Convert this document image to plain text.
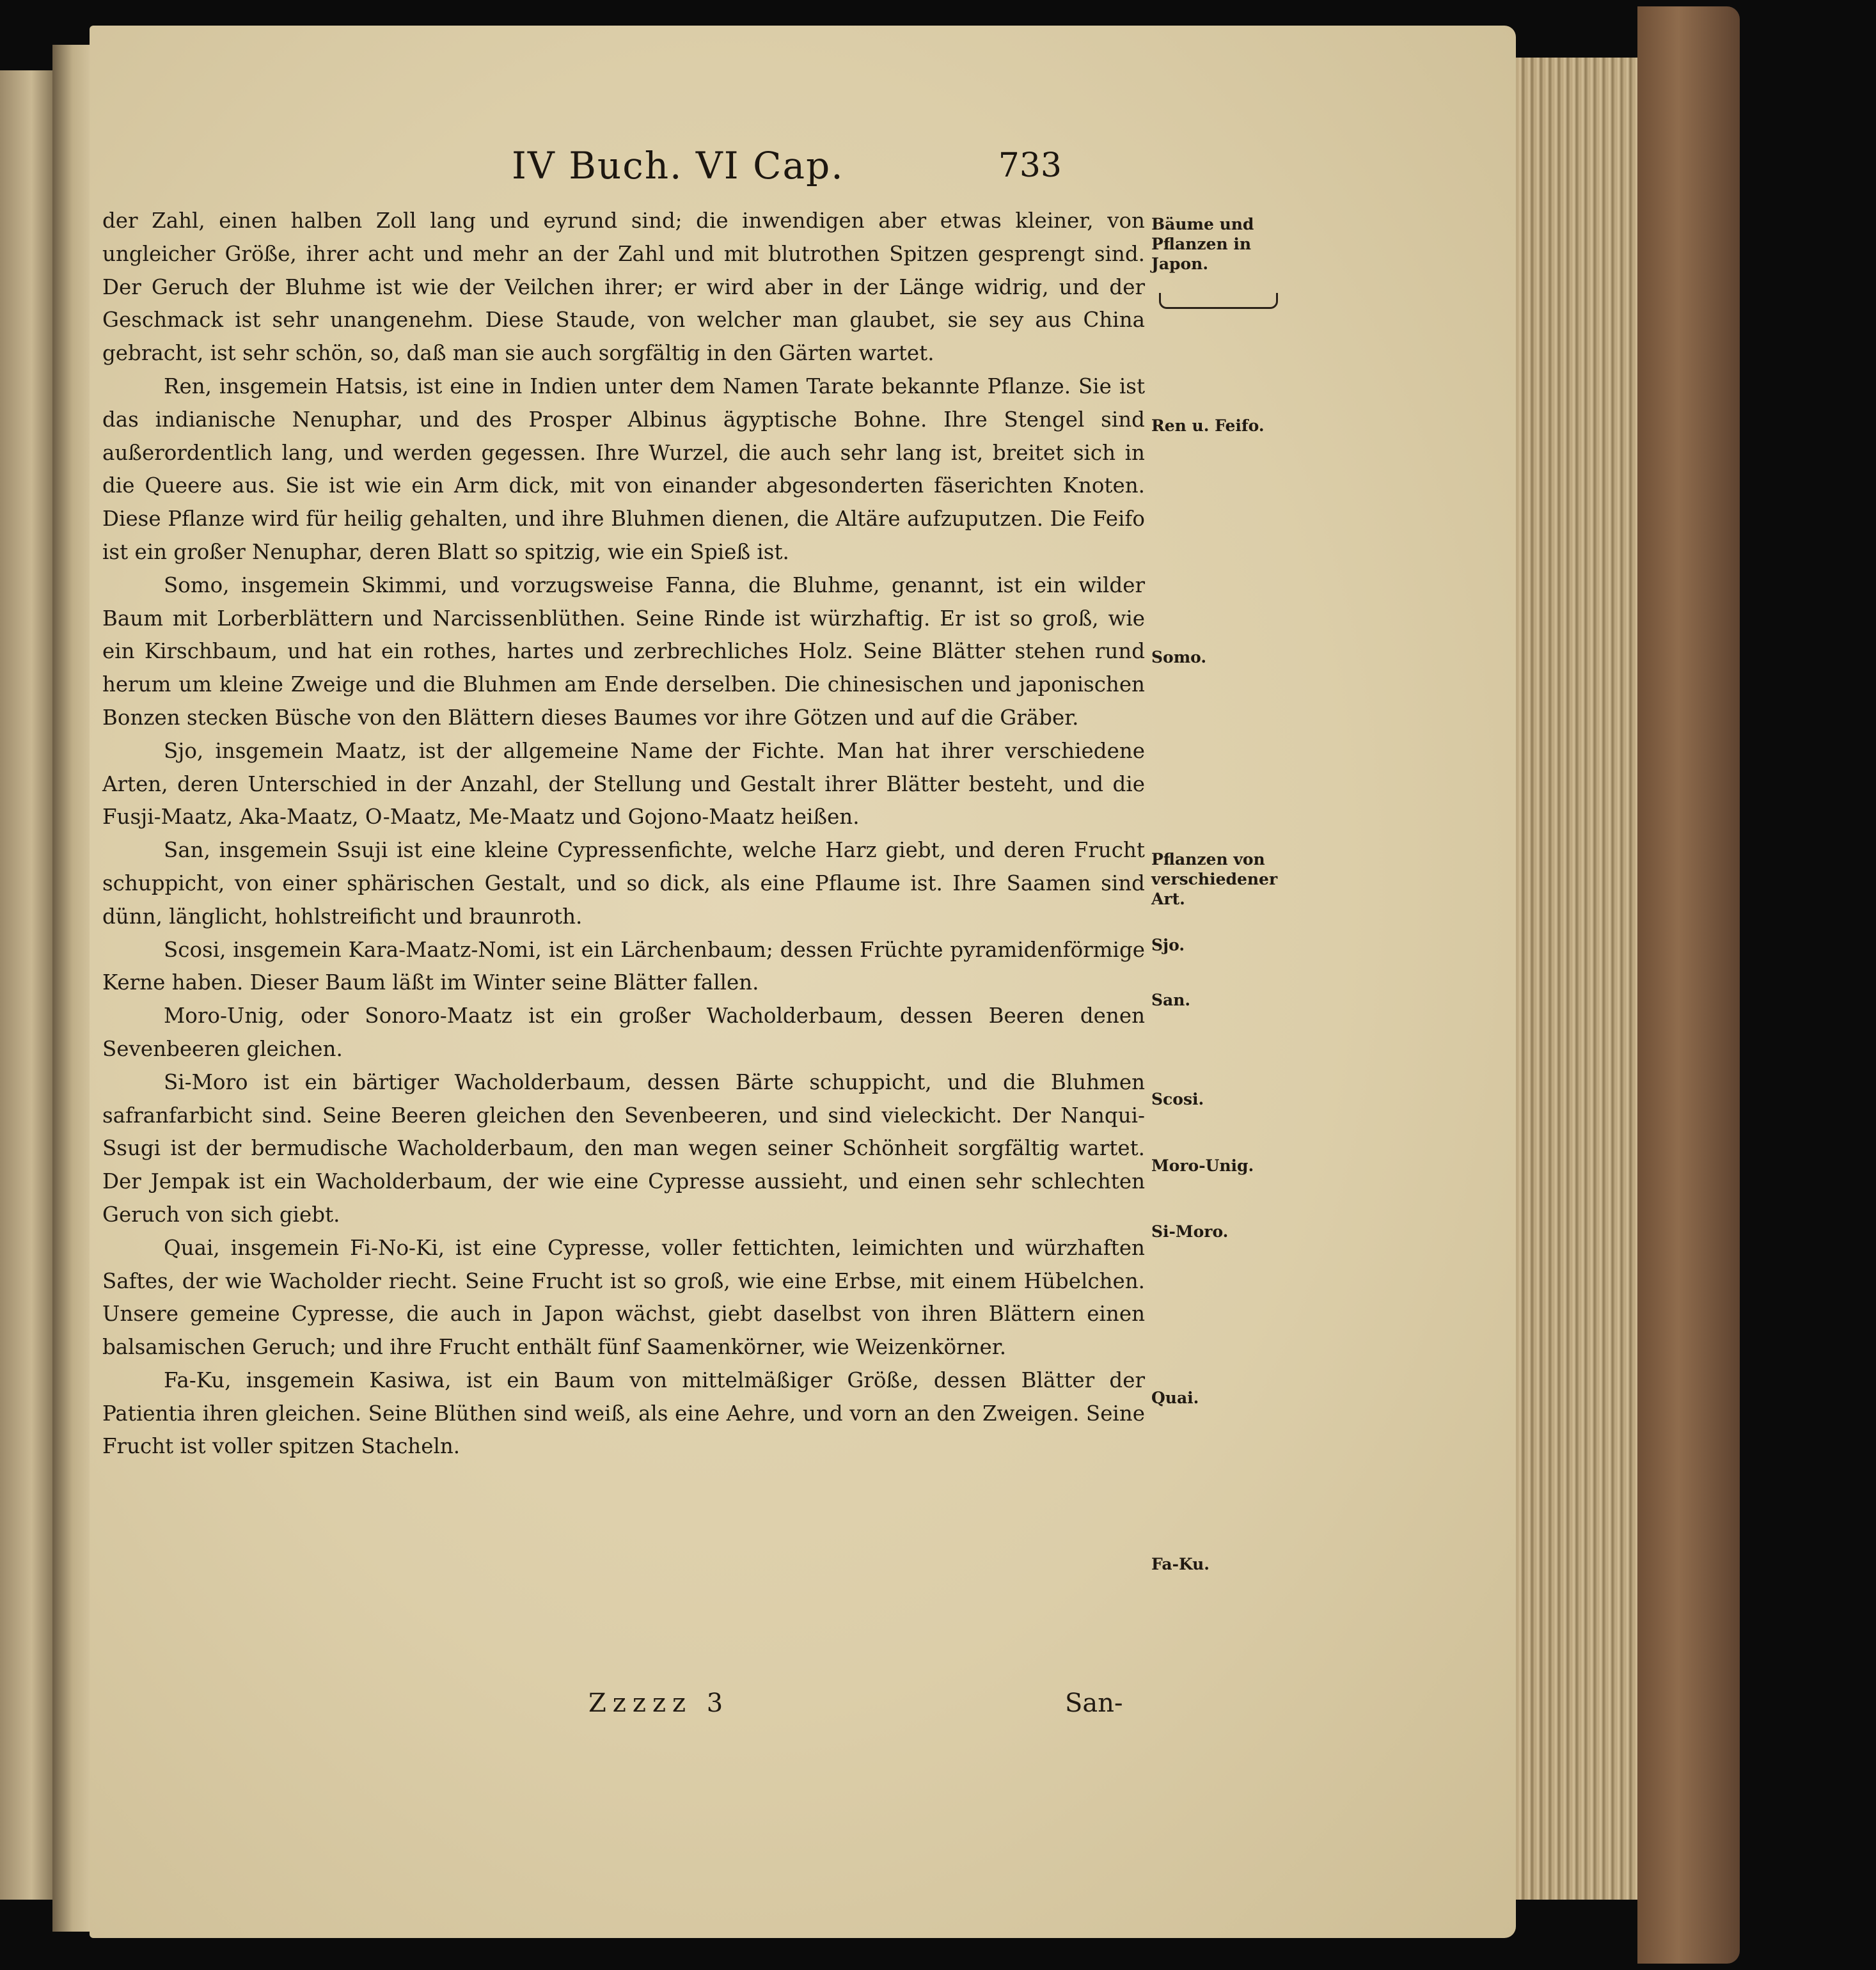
IV Buch. VI Cap.	733

der Zahl, einen halben Zoll lang und eyrund sind; die inwendigen aber etwas kleiner, von ungleicher Größe, ihrer acht und mehr an der Zahl und mit blutrothen Spitzen gesprengt sind. Der Geruch der Bluhme ist wie der Veilchen ihrer; er wird aber in der Länge widrig, und der Geschmack ist sehr unangenehm. Diese Staude, von welcher man glaubet, sie sey aus China gebracht, ist sehr schön, so, daß man sie auch sorgfältig in den Gärten wartet.

Ren, insgemein Hatsis, ist eine in Indien unter dem Namen Tarate bekannte Pflanze. Sie ist das indianische Nenuphar, und des Prosper Albinus ägyptische Bohne. Ihre Stengel sind außerordentlich lang, und werden gegessen. Ihre Wurzel, die auch sehr lang ist, breitet sich in die Queere aus. Sie ist wie ein Arm dick, mit von einander abgesonderten fäserichten Knoten. Diese Pflanze wird für heilig gehalten, und ihre Bluhmen dienen, die Altäre aufzuputzen. Die Feifo ist ein großer Nenuphar, deren Blatt so spitzig, wie ein Spieß ist.

Somo, insgemein Skimmi, und vorzugsweise Fanna, die Bluhme, genannt, ist ein wilder Baum mit Lorberblättern und Narcissenblüthen. Seine Rinde ist würzhaftig. Er ist so groß, wie ein Kirschbaum, und hat ein rothes, hartes und zerbrechliches Holz. Seine Blätter stehen rund herum um kleine Zweige und die Bluhmen am Ende derselben. Die chinesischen und japonischen Bonzen stecken Büsche von den Blättern dieses Baumes vor ihre Götzen und auf die Gräber.

Sjo, insgemein Maatz, ist der allgemeine Name der Fichte. Man hat ihrer verschiedene Arten, deren Unterschied in der Anzahl, der Stellung und Gestalt ihrer Blätter besteht, und die Fusji-Maatz, Aka-Maatz, O-Maatz, Me-Maatz und Gojono-Maatz heißen.

San, insgemein Ssuji ist eine kleine Cypressenfichte, welche Harz giebt, und deren Frucht schuppicht, von einer sphärischen Gestalt, und so dick, als eine Pflaume ist. Ihre Saamen sind dünn, länglicht, hohlstreificht und braunroth.

Scosi, insgemein Kara-Maatz-Nomi, ist ein Lärchenbaum; dessen Früchte pyramidenförmige Kerne haben. Dieser Baum läßt im Winter seine Blätter fallen.

Moro-Unig, oder Sonoro-Maatz ist ein großer Wacholderbaum, dessen Beeren denen Sevenbeeren gleichen.

Si-Moro ist ein bärtiger Wacholderbaum, dessen Bärte schuppicht, und die Bluhmen safranfarbicht sind. Seine Beeren gleichen den Sevenbeeren, und sind vieleckicht. Der Nanqui-Ssugi ist der bermudische Wacholderbaum, den man wegen seiner Schönheit sorgfältig wartet. Der Jempak ist ein Wacholderbaum, der wie eine Cypresse aussieht, und einen sehr schlechten Geruch von sich giebt.

Quai, insgemein Fi-No-Ki, ist eine Cypresse, voller fettichten, leimichten und würzhaften Saftes, der wie Wacholder riecht. Seine Frucht ist so groß, wie eine Erbse, mit einem Hübelchen. Unsere gemeine Cypresse, die auch in Japon wächst, giebt daselbst von ihren Blättern einen balsamischen Geruch; und ihre Frucht enthält fünf Saamenkörner, wie Weizenkörner.

Fa-Ku, insgemein Kasiwa, ist ein Baum von mittelmäßiger Größe, dessen Blätter der Patientia ihren gleichen. Seine Blüthen sind weiß, als eine Aehre, und vorn an den Zweigen. Seine Frucht ist voller spitzen Stacheln.

Bäume und Pflanzen in Japon.
Ren u. Feifo.
Somo.
Pflanzen von verschiedener Art.
Sjo.
San.
Scosi.
Moro-Unig.
Si-Moro.
Quai.
Fa-Ku.
Zzzzz 3	San-
